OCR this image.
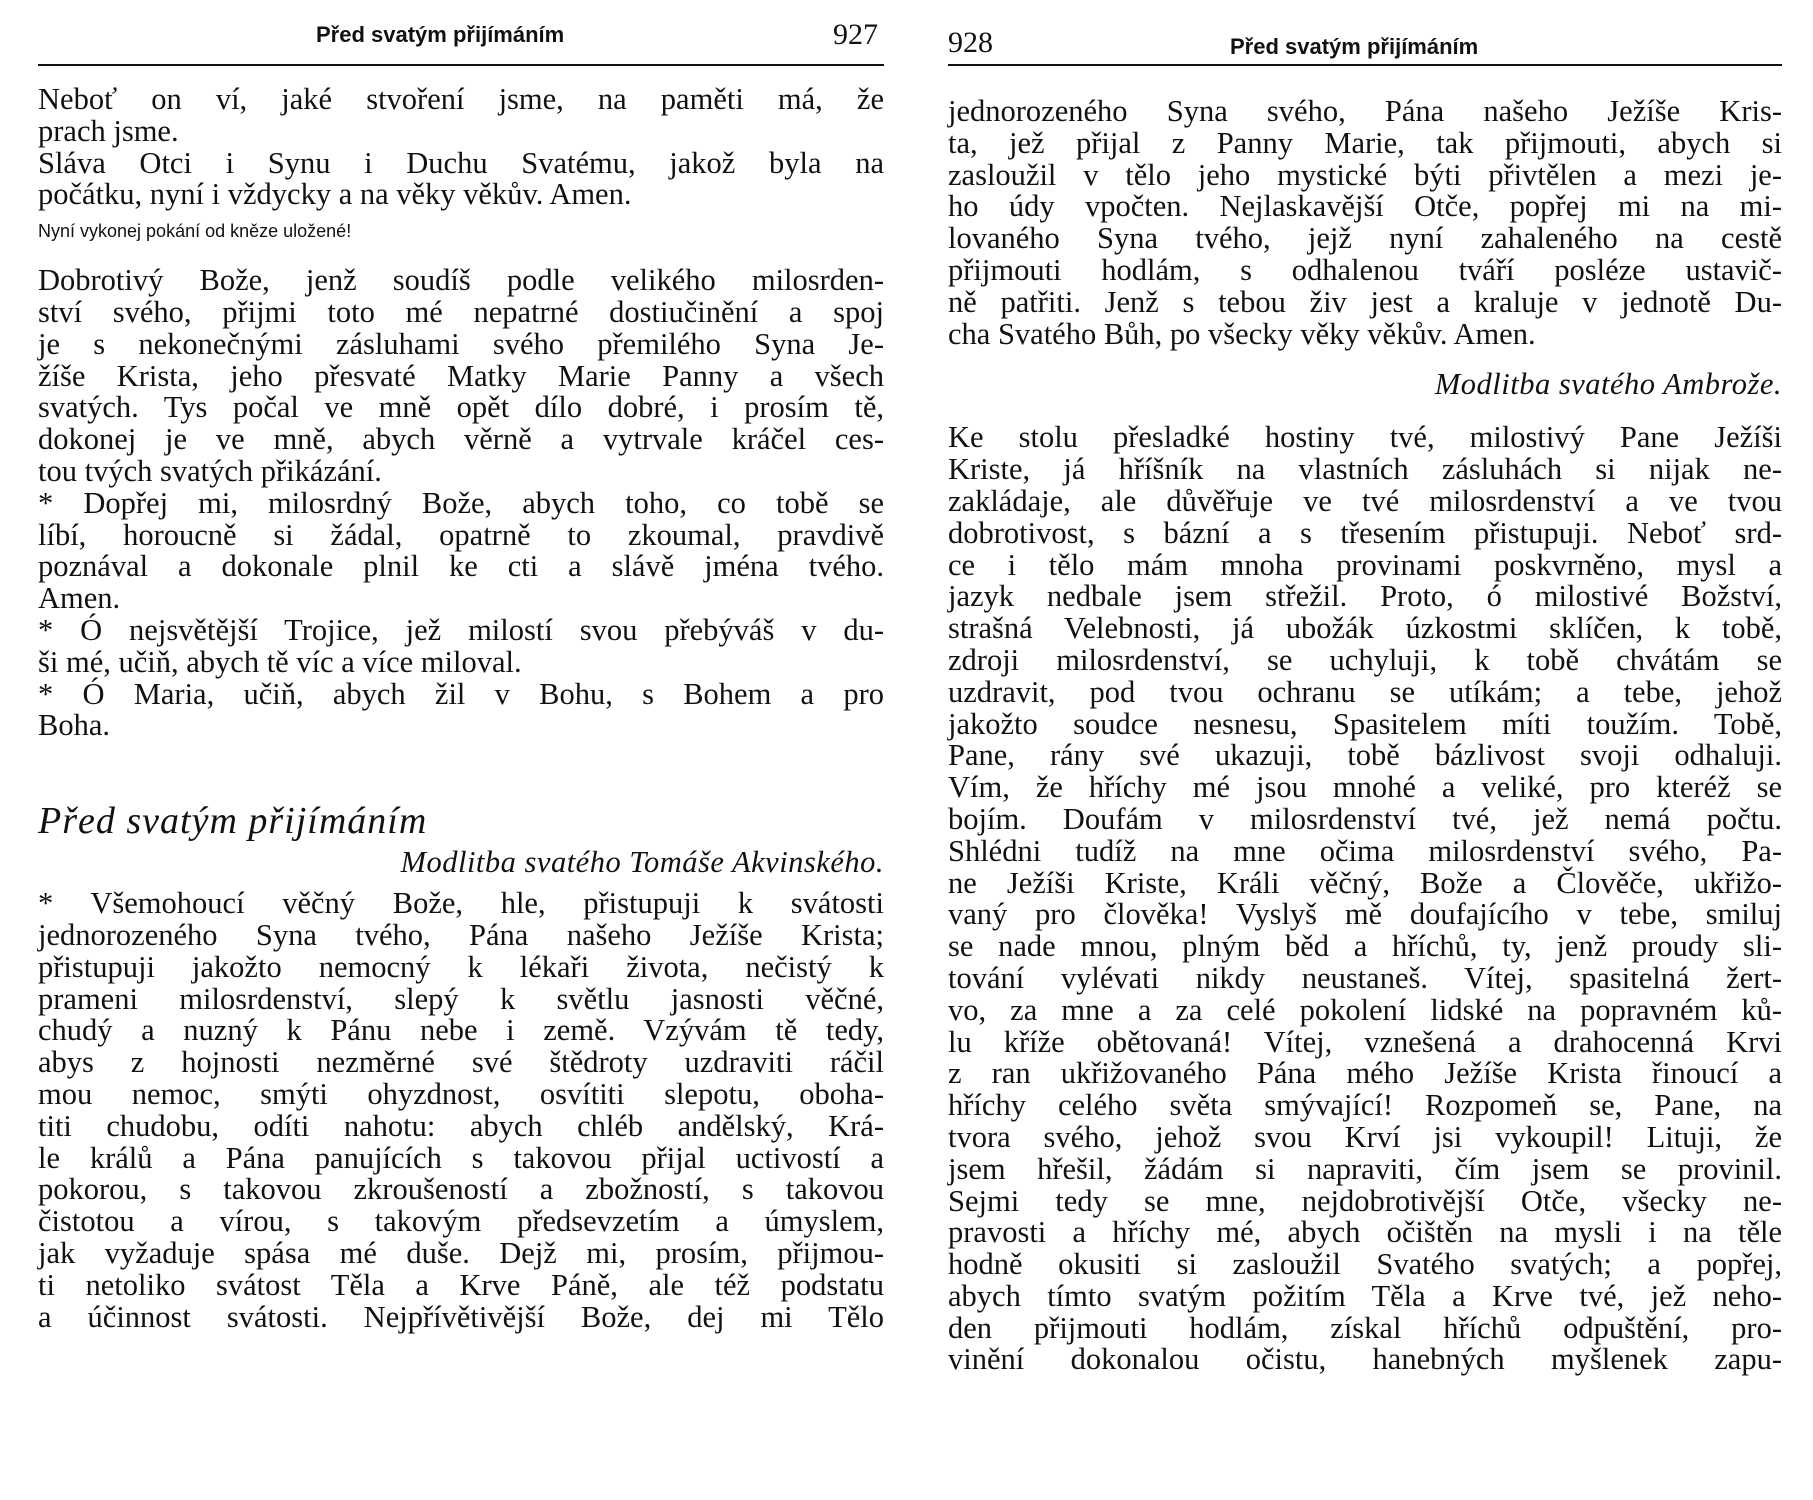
Před svatým přijímáním	927
Neboť on ví, jaké stvoření jsme, na paměti má, že
prach jsme.
Sláva Otci i Synu i Duchu Svatému, jakož byla na
počátku, nyní i vždycky a na věky věkův. Amen.
Nyní vykonej pokání od kněze uložené!
Dobrotivý Bože, jenž soudíš podle velikého milosrden-
ství svého, přijmi toto mé nepatrné dostiučinění a spoj
je s nekonečnými zásluhami svého přemilého Syna Je-
žíše Krista, jeho přesvaté Matky Marie Panny a všech
svatých. Tys počal ve mně opět dílo dobré, i prosím tě,
dokonej je ve mně, abych věrně a vytrvale kráčel ces-
tou tvých svatých přikázání.
* Dopřej mi, milosrdný Bože, abych toho, co tobě se
líbí, horoucně si žádal, opatrně to zkoumal, pravdivě
poznával a dokonale plnil ke cti a slávě jména tvého.
Amen.
* Ó nejsvětější Trojice, jež milostí svou přebýváš v du-
ši mé, učiň, abych tě víc a více miloval.
* Ó Maria, učiň, abych žil v Bohu, s Bohem a pro
Boha.
Před svatým přijímáním
Modlitba svatého Tomáše Akvinského.
* Všemohoucí věčný Bože, hle, přistupuji k svátosti
jednorozeného Syna tvého, Pána našeho Ježíše Krista;
přistupuji jakožto nemocný k lékaři života, nečistý k
prameni milosrdenství, slepý k světlu jasnosti věčné,
chudý a nuzný k Pánu nebe i země. Vzývám tě tedy,
abys z hojnosti nezměrné své štědroty uzdraviti ráčil
mou nemoc, smýti ohyzdnost, osvítiti slepotu, oboha-
titi chudobu, odíti nahotu: abych chléb andělský, Krá-
le králů a Pána panujících s takovou přijal uctivostí a
pokorou, s takovou zkroušeností a zbožností, s takovou
čistotou a vírou, s takovým předsevzetím a úmyslem,
jak vyžaduje spása mé duše. Dejž mi, prosím, přijmou-
ti netoliko svátost Těla a Krve Páně, ale též podstatu
a účinnost svátosti. Nejpřívětivější Bože, dej mi Tělo
928	Před svatým přijímáním
jednorozeného Syna svého, Pána našeho Ježíše Kris-
ta, jež přijal z Panny Marie, tak přijmouti, abych si
zasloužil v tělo jeho mystické býti přivtělen a mezi je-
ho údy vpočten. Nejlaskavější Otče, popřej mi na mi-
lovaného Syna tvého, jejž nyní zahaleného na cestě
přijmouti hodlám, s odhalenou tváří posléze ustavič-
ně patřiti. Jenž s tebou živ jest a kraluje v jednotě Du-
cha Svatého Bůh, po všecky věky věkův. Amen.
Modlitba svatého Ambrože.
Ke stolu přesladké hostiny tvé, milostivý Pane Ježíši
Kriste, já hříšník na vlastních zásluhách si nijak ne-
zakládaje, ale důvěřuje ve tvé milosrdenství a ve tvou
dobrotivost, s bázní a s třesením přistupuji. Neboť srd-
ce i tělo mám mnoha provinami poskvrněno, mysl a
jazyk nedbale jsem střežil. Proto, ó milostivé Božství,
strašná Velebnosti, já ubožák úzkostmi sklíčen, k tobě,
zdroji milosrdenství, se uchyluji, k tobě chvátám se
uzdravit, pod tvou ochranu se utíkám; a tebe, jehož
jakožto soudce nesnesu, Spasitelem míti toužím. Tobě,
Pane, rány své ukazuji, tobě bázlivost svoji odhaluji.
Vím, že hříchy mé jsou mnohé a veliké, pro kteréž se
bojím. Doufám v milosrdenství tvé, jež nemá počtu.
Shlédni tudíž na mne očima milosrdenství svého, Pa-
ne Ježíši Kriste, Králi věčný, Bože a Člověče, ukřižo-
vaný pro člověka! Vyslyš mě doufajícího v tebe, smiluj
se nade mnou, plným běd a hříchů, ty, jenž proudy sli-
tování vylévati nikdy neustaneš. Vítej, spasitelná žert-
vo, za mne a za celé pokolení lidské na popravném ků-
lu kříže obětovaná! Vítej, vznešená a drahocenná Krvi
z ran ukřižovaného Pána mého Ježíše Krista řinoucí a
hříchy celého světa smývající! Rozpomeň se, Pane, na
tvora svého, jehož svou Krví jsi vykoupil! Lituji, že
jsem hřešil, žádám si napraviti, čím jsem se provinil.
Sejmi tedy se mne, nejdobrotivější Otče, všecky ne-
pravosti a hříchy mé, abych očištěn na mysli i na těle
hodně okusiti si zasloužil Svatého svatých; a popřej,
abych tímto svatým požitím Těla a Krve tvé, jež neho-
den přijmouti hodlám, získal hříchů odpuštění, pro-
vinění dokonalou očistu, hanebných myšlenek zapu-
